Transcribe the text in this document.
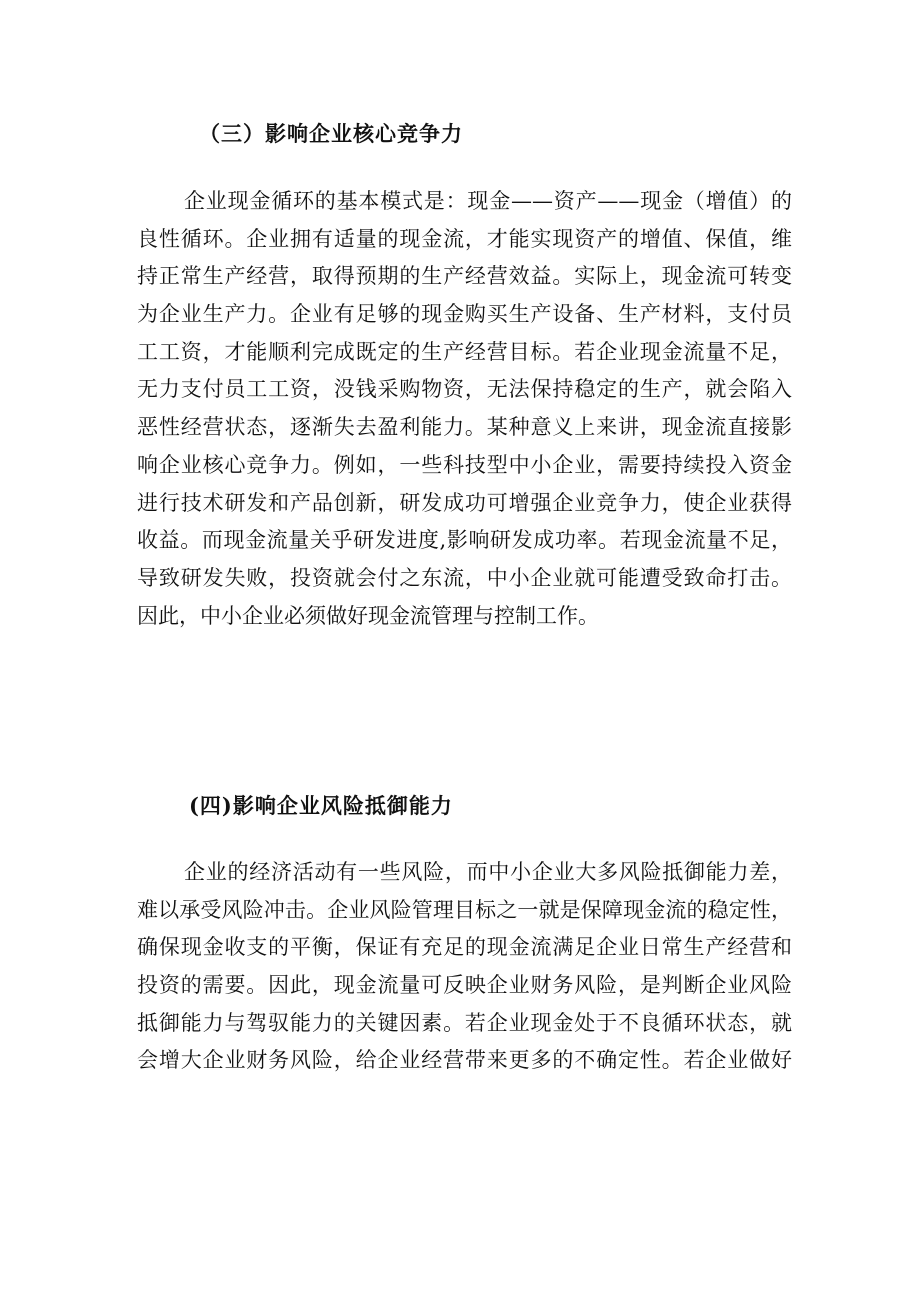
（三）影响企业核心竞争力
企业现金循环的基本模式是：现金——资产——现金（增值）的
良性循环。企业拥有适量的现金流，才能实现资产的增值、保值，维
持正常生产经营，取得预期的生产经营效益。实际上，现金流可转变
为企业生产力。企业有足够的现金购买生产设备、生产材料，支付员
工工资，才能顺利完成既定的生产经营目标。若企业现金流量不足，
无力支付员工工资，没钱采购物资，无法保持稳定的生产，就会陷入
恶性经营状态，逐渐失去盈利能力。某种意义上来讲，现金流直接影
响企业核心竞争力。例如，一些科技型中小企业，需要持续投入资金
进行技术研发和产品创新，研发成功可增强企业竞争力，使企业获得
收益。而现金流量关乎研发进度,影响研发成功率。若现金流量不足，
导致研发失败，投资就会付之东流，中小企业就可能遭受致命打击。
因此，中小企业必须做好现金流管理与控制工作。
(四)影响企业风险抵御能力
企业的经济活动有一些风险，而中小企业大多风险抵御能力差，
难以承受风险冲击。企业风险管理目标之一就是保障现金流的稳定性，
确保现金收支的平衡，保证有充足的现金流满足企业日常生产经营和
投资的需要。因此，现金流量可反映企业财务风险，是判断企业风险
抵御能力与驾驭能力的关键因素。若企业现金处于不良循环状态，就
会增大企业财务风险，给企业经营带来更多的不确定性。若企业做好
